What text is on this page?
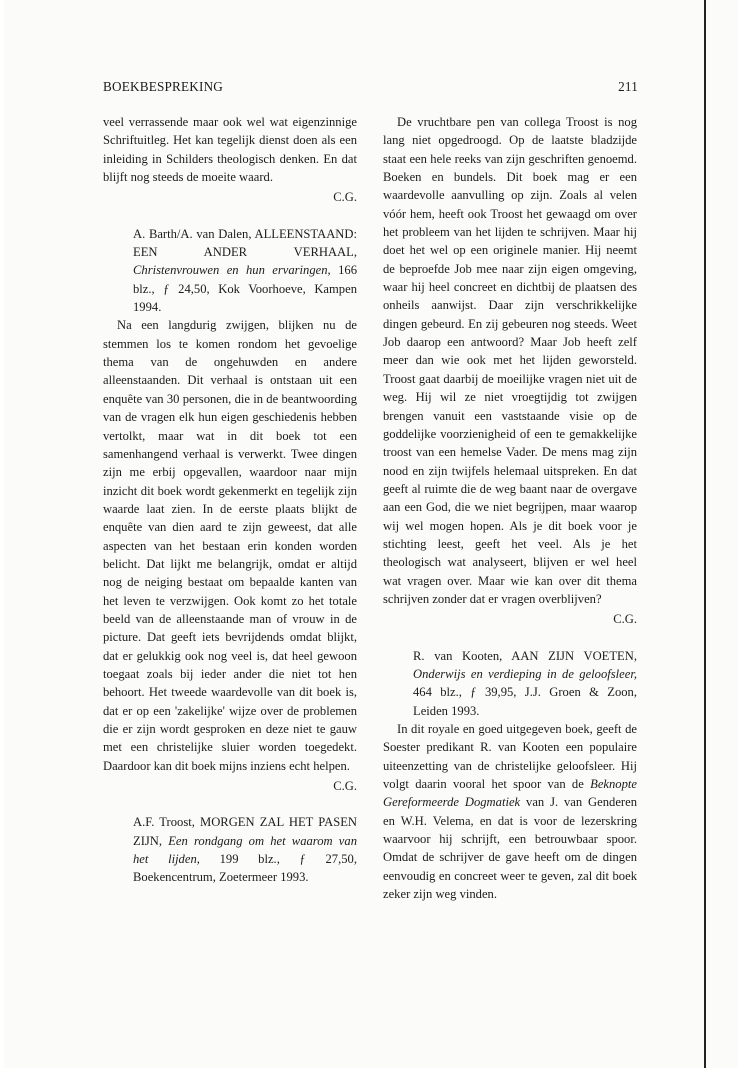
BOEKBESPREKING	211

veel verrassende maar ook wel wat eigenzinnige Schriftuitleg. Het kan tegelijk dienst doen als een inleiding in Schilders theologisch denken. En dat blijft nog steeds de moeite waard.

C.G.

A. Barth/A. van Dalen, ALLEENSTAAND: EEN ANDER VERHAAL, Christenvrouwen en hun ervaringen, 166 blz., ƒ 24,50, Kok Voorhoeve, Kampen 1994.

Na een langdurig zwijgen, blijken nu de stemmen los te komen rondom het gevoelige thema van de ongehuwden en andere alleenstaanden. Dit verhaal is ontstaan uit een enquête van 30 personen, die in de beantwoording van de vragen elk hun eigen geschiedenis hebben vertolkt, maar wat in dit boek tot een samenhangend verhaal is verwerkt. Twee dingen zijn me erbij opgevallen, waardoor naar mijn inzicht dit boek wordt gekenmerkt en tegelijk zijn waarde laat zien. In de eerste plaats blijkt de enquête van dien aard te zijn geweest, dat alle aspecten van het bestaan erin konden worden belicht. Dat lijkt me belangrijk, omdat er altijd nog de neiging bestaat om bepaalde kanten van het leven te verzwijgen. Ook komt zo het totale beeld van de alleenstaande man of vrouw in de picture. Dat geeft iets bevrijdends omdat blijkt, dat er gelukkig ook nog veel is, dat heel gewoon toegaat zoals bij ieder ander die niet tot hen behoort. Het tweede waardevolle van dit boek is, dat er op een 'zakelijke' wijze over de problemen die er zijn wordt gesproken en deze niet te gauw met een christelijke sluier worden toegedekt. Daardoor kan dit boek mijns inziens echt helpen.

C.G.

A.F. Troost, MORGEN ZAL HET PASEN ZIJN, Een rondgang om het waarom van het lijden, 199 blz., ƒ 27,50, Boekencentrum, Zoetermeer 1993.

De vruchtbare pen van collega Troost is nog lang niet opgedroogd. Op de laatste bladzijde staat een hele reeks van zijn geschriften genoemd. Boeken en bundels. Dit boek mag er een waardevolle aanvulling op zijn. Zoals al velen vóór hem, heeft ook Troost het gewaagd om over het probleem van het lijden te schrijven. Maar hij doet het wel op een originele manier. Hij neemt de beproefde Job mee naar zijn eigen omgeving, waar hij heel concreet en dichtbij de plaatsen des onheils aanwijst. Daar zijn verschrikkelijke dingen gebeurd. En zij gebeuren nog steeds. Weet Job daarop een antwoord? Maar Job heeft zelf meer dan wie ook met het lijden geworsteld. Troost gaat daarbij de moeilijke vragen niet uit de weg. Hij wil ze niet vroegtijdig tot zwijgen brengen vanuit een vaststaande visie op de goddelijke voorzienigheid of een te gemakkelijke troost van een hemelse Vader. De mens mag zijn nood en zijn twijfels helemaal uitspreken. En dat geeft al ruimte die de weg baant naar de overgave aan een God, die we niet begrijpen, maar waarop wij wel mogen hopen. Als je dit boek voor je stichting leest, geeft het veel. Als je het theologisch wat analyseert, blijven er wel heel wat vragen over. Maar wie kan over dit thema schrijven zonder dat er vragen overblijven?

C.G.

R. van Kooten, AAN ZIJN VOETEN, Onderwijs en verdieping in de geloofsleer, 464 blz., ƒ 39,95, J.J. Groen & Zoon, Leiden 1993.

In dit royale en goed uitgegeven boek, geeft de Soester predikant R. van Kooten een populaire uiteenzetting van de christelijke geloofsleer. Hij volgt daarin vooral het spoor van de Beknopte Gereformeerde Dogmatiek van J. van Genderen en W.H. Velema, en dat is voor de lezerskring waarvoor hij schrijft, een betrouwbaar spoor. Omdat de schrijver de gave heeft om de dingen eenvoudig en concreet weer te geven, zal dit boek zeker zijn weg vinden.
